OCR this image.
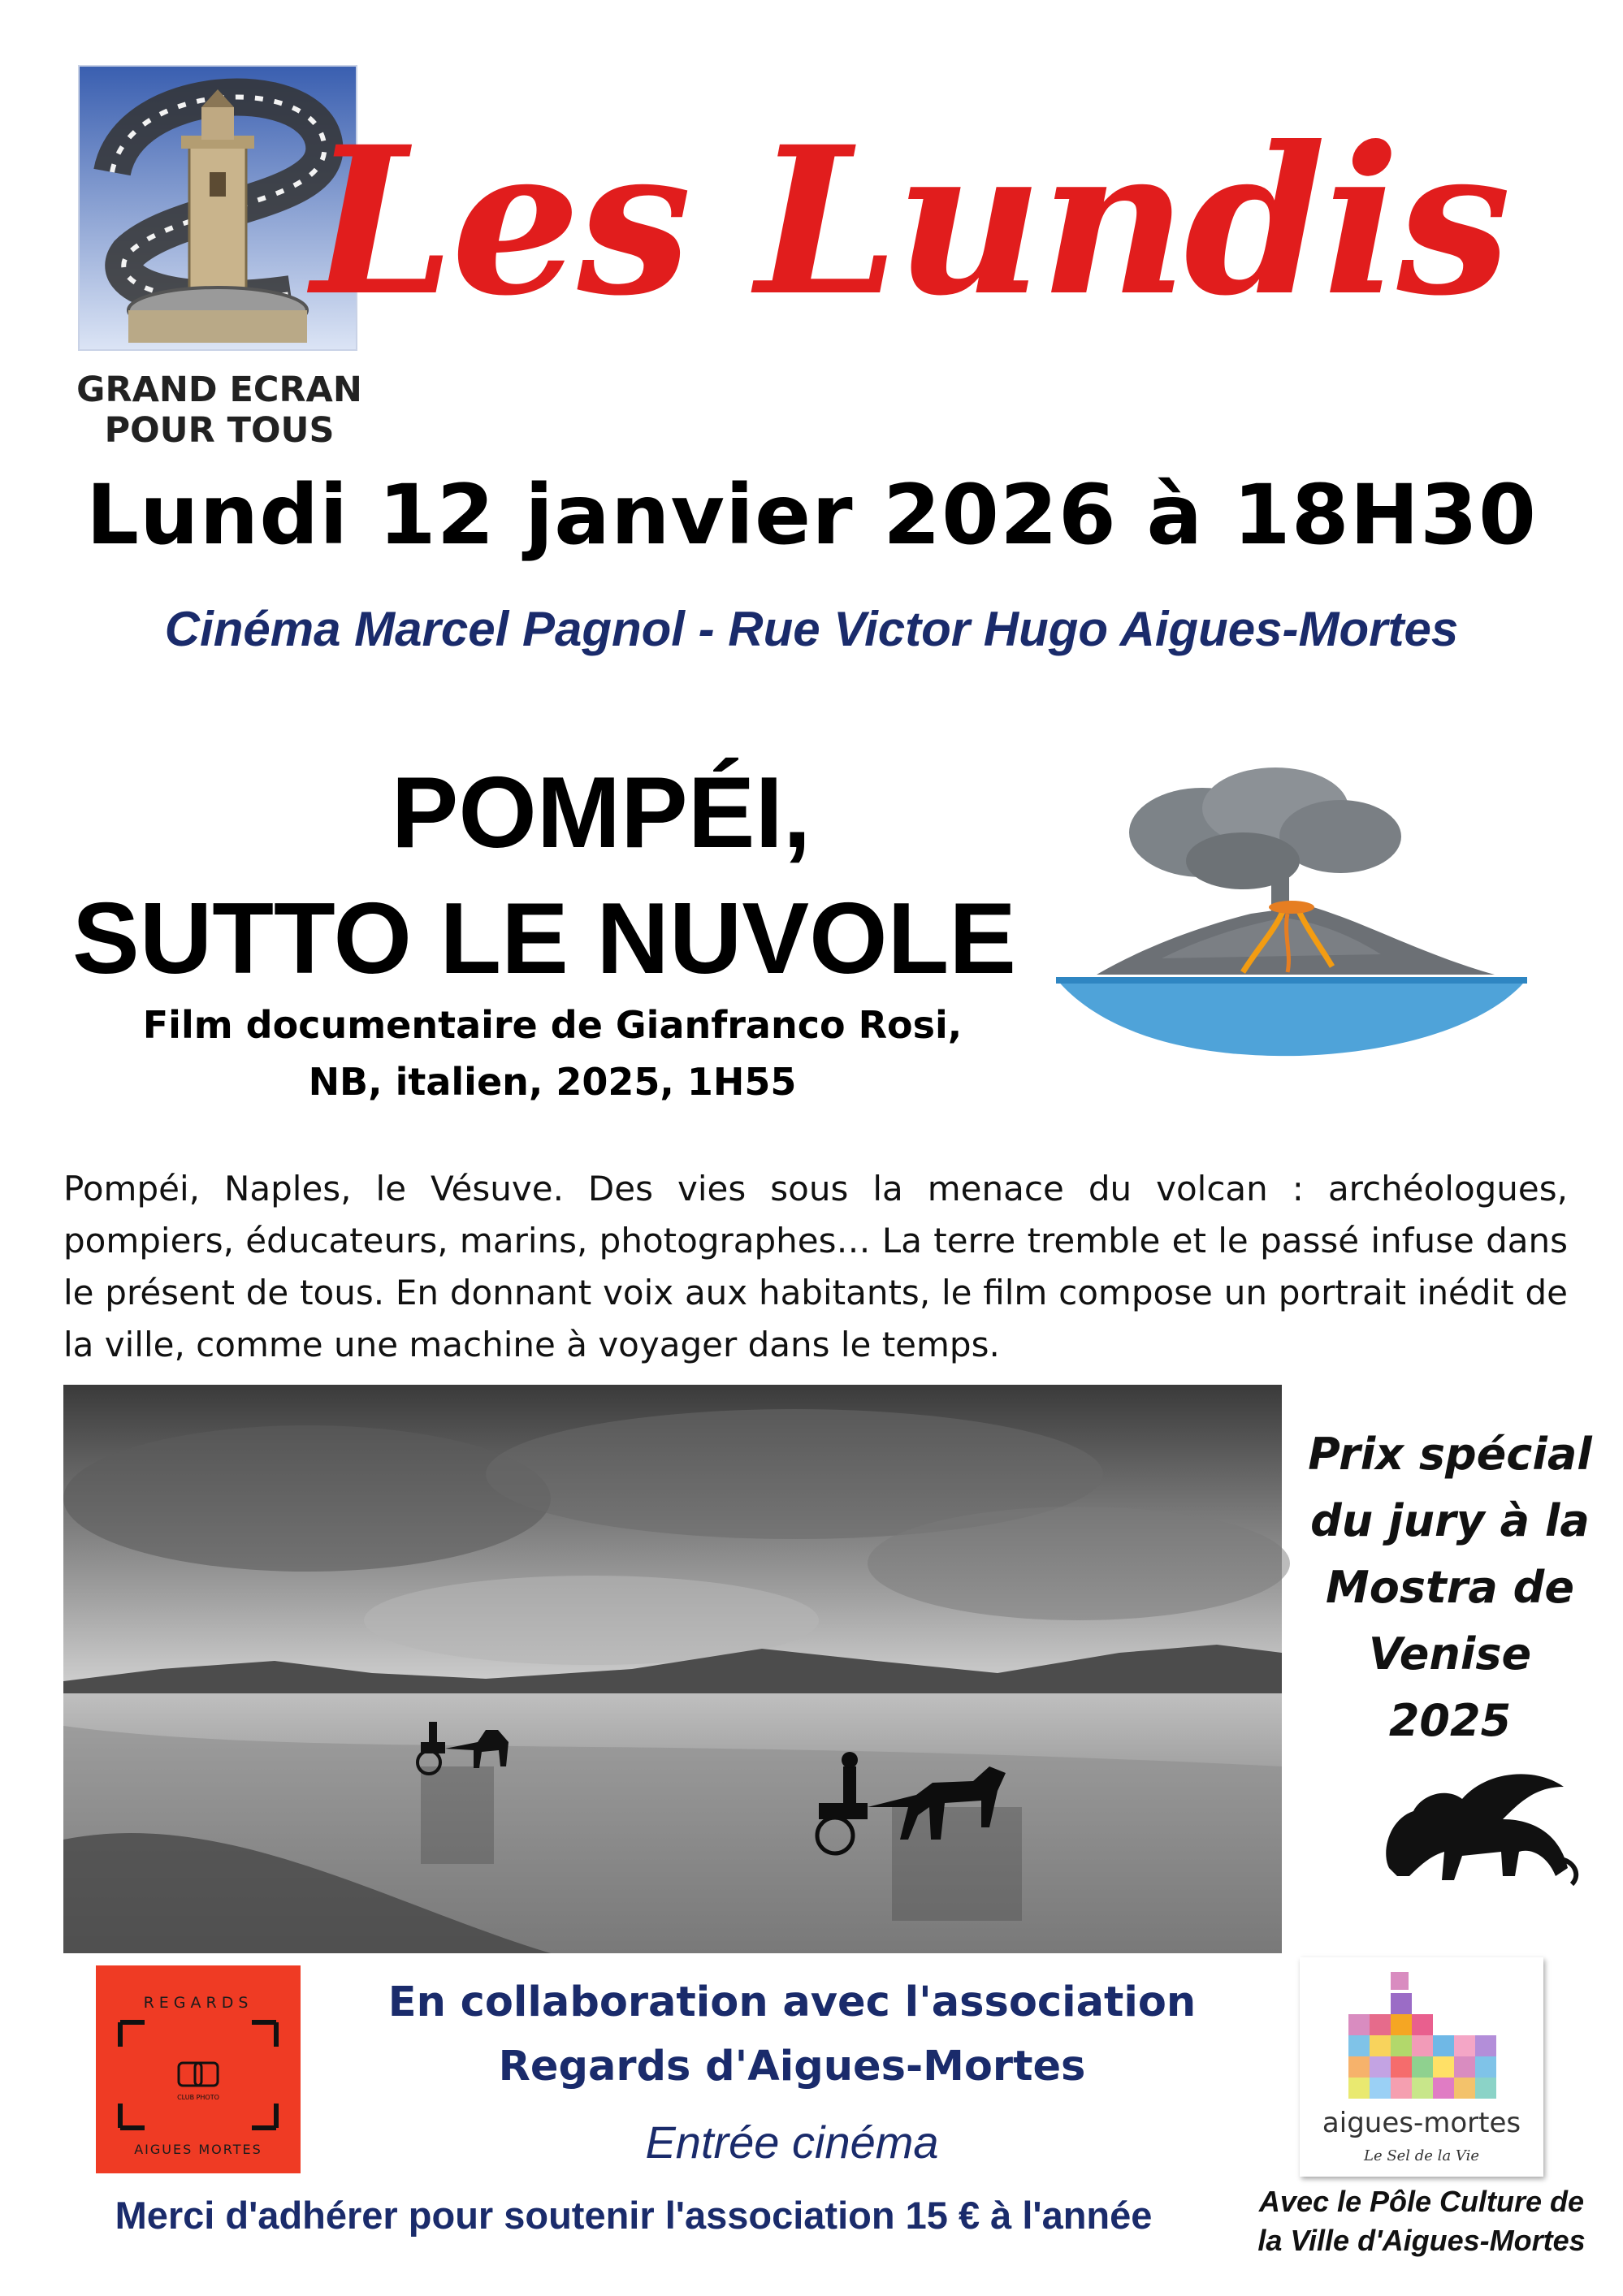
GRAND ECRAN
POUR TOUS
Les Lundis
Lundi 12 janvier 2026 à 18H30
Cinéma Marcel Pagnol - Rue Victor Hugo Aigues-Mortes
POMPÉI,
SUTTO LE NUVOLE
Film documentaire de Gianfranco Rosi,
NB, italien, 2025, 1H55
Pompéi, Naples, le Vésuve. Des vies sous la menace du volcan : archéologues, pompiers, éducateurs, marins, photographes… La terre tremble et le passé infuse dans le présent de tous. En donnant voix aux habitants, le film compose un portrait inédit de la ville, comme une machine à voyager dans le temps.
Prix spécial
du jury à la
Mostra de
Venise
2025
REGARDS
CLUB PHOTO
AIGUES MORTES
En collaboration avec l'association
Regards d'Aigues-Mortes
Entrée cinéma
Merci d'adhérer pour soutenir l'association 15 € à l'année
aigues-mortes
Le Sel de la Vie
Avec le Pôle Culture de
la Ville d'Aigues-Mortes
